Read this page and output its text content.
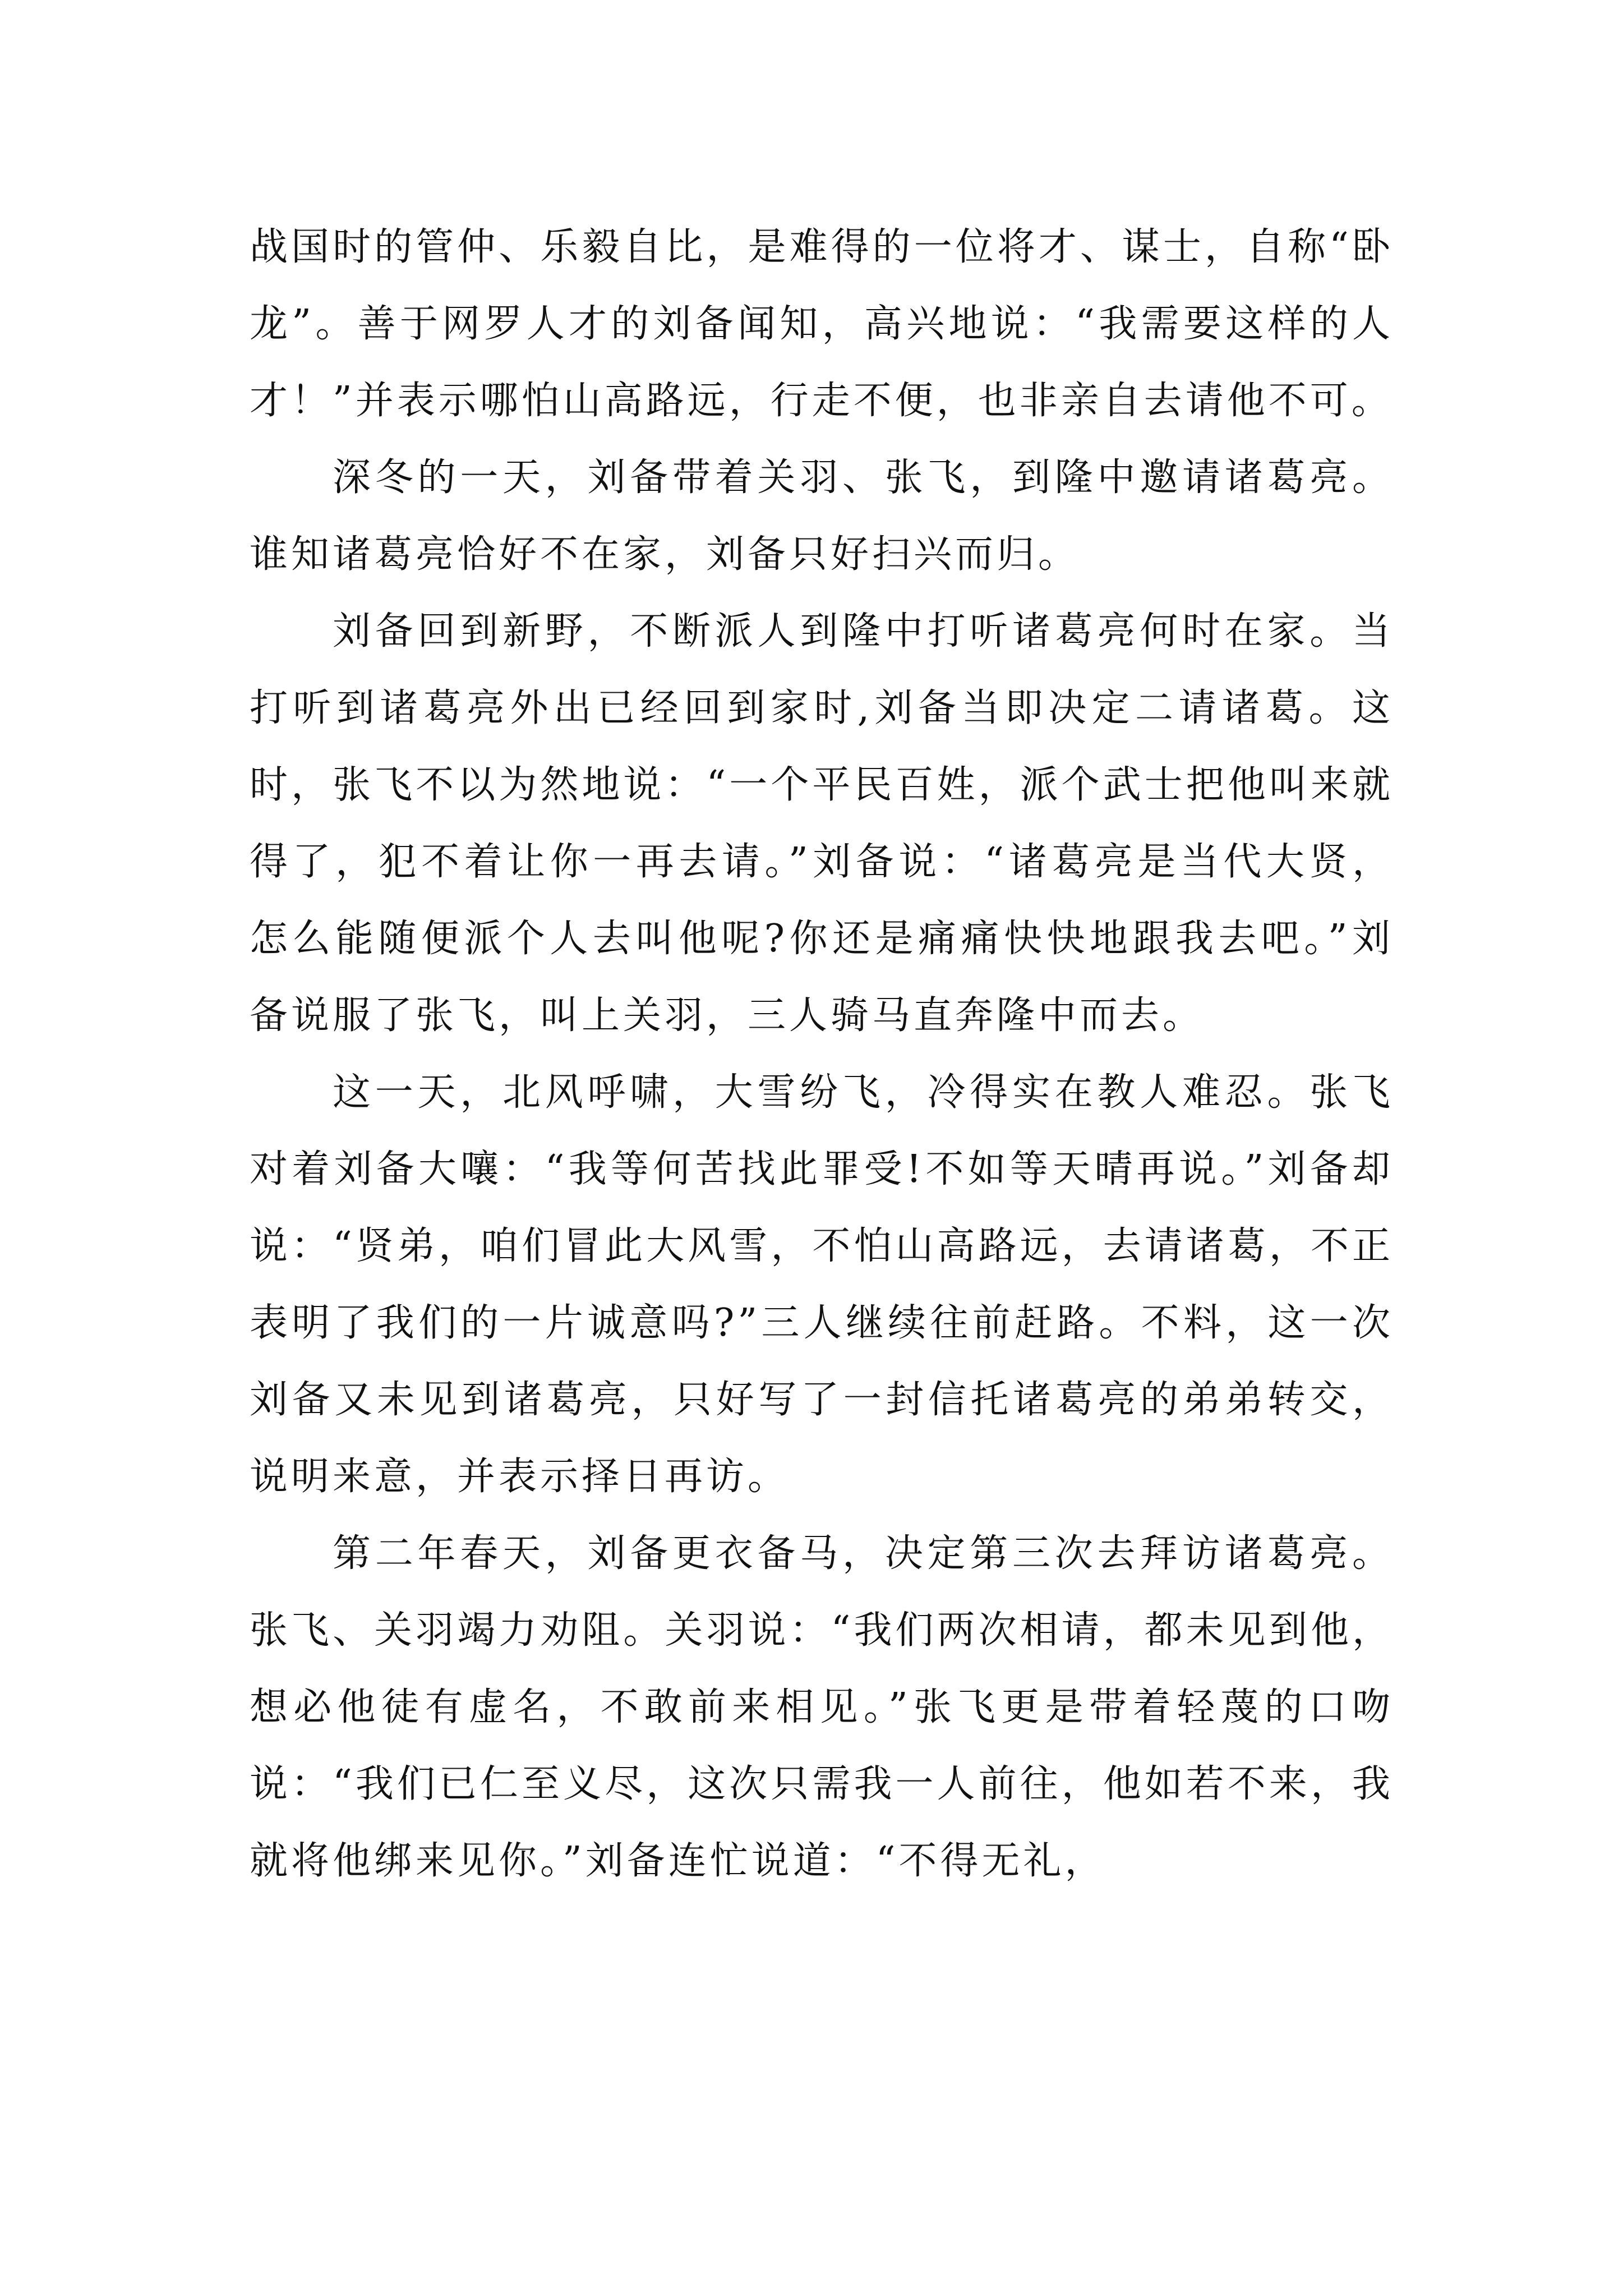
战国时的管仲、乐毅自比，是难得的一位将才、谋士，自称“卧龙”。善于网罗人才的刘备闻知，高兴地说：“我需要这样的人才！”并表示哪怕山高路远，行走不便，也非亲自去请他不可。

深冬的一天，刘备带着关羽、张飞，到隆中邀请诸葛亮。谁知诸葛亮恰好不在家，刘备只好扫兴而归。

刘备回到新野，不断派人到隆中打听诸葛亮何时在家。当打听到诸葛亮外出已经回到家时,刘备当即决定二请诸葛。这时，张飞不以为然地说：“一个平民百姓，派个武士把他叫来就得了，犯不着让你一再去请。”刘备说：“诸葛亮是当代大贤，怎么能随便派个人去叫他呢?你还是痛痛快快地跟我去吧。”刘备说服了张飞，叫上关羽，三人骑马直奔隆中而去。

这一天，北风呼啸，大雪纷飞，冷得实在教人难忍。张飞对着刘备大嚷：“我等何苦找此罪受!不如等天晴再说。”刘备却说：“贤弟，咱们冒此大风雪，不怕山高路远，去请诸葛，不正表明了我们的一片诚意吗?”三人继续往前赶路。不料，这一次刘备又未见到诸葛亮，只好写了一封信托诸葛亮的弟弟转交，说明来意，并表示择日再访。

第二年春天，刘备更衣备马，决定第三次去拜访诸葛亮。张飞、关羽竭力劝阻。关羽说：“我们两次相请，都未见到他，想必他徒有虚名，不敢前来相见。”张飞更是带着轻蔑的口吻说：“我们已仁至义尽，这次只需我一人前往，他如若不来，我就将他绑来见你。”刘备连忙说道：“不得无礼，
